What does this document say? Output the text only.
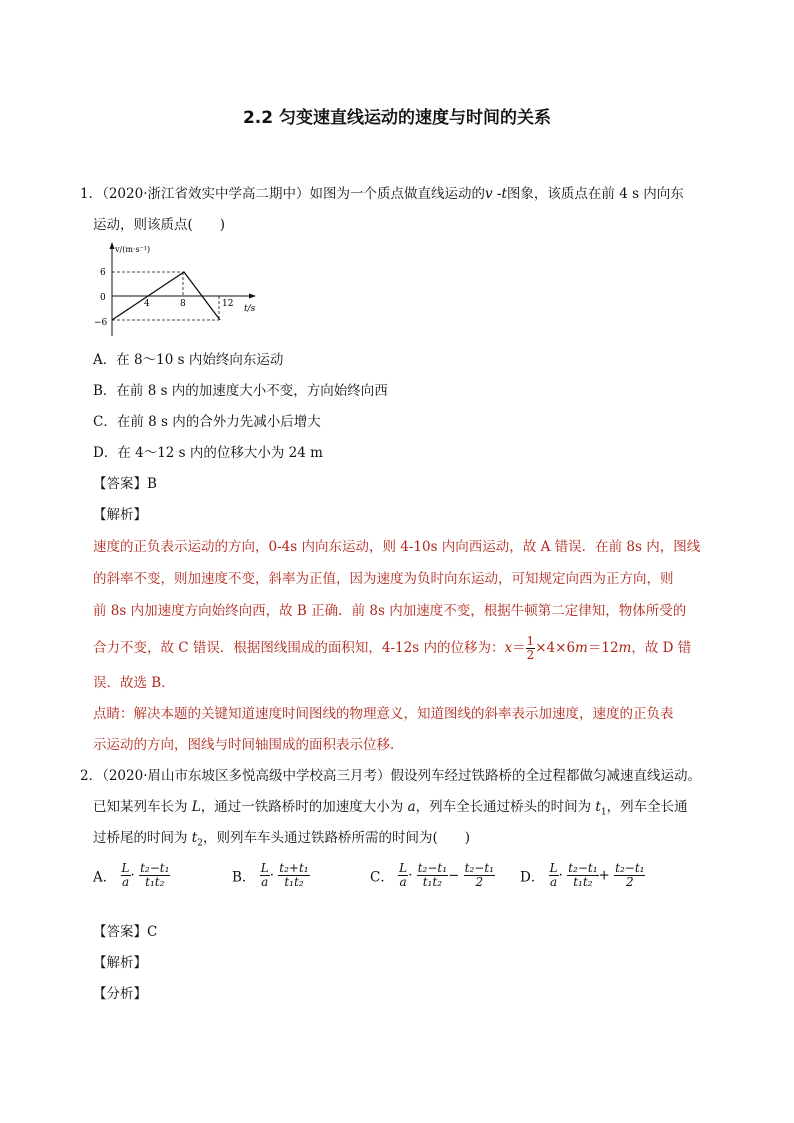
2.2 匀变速直线运动的速度与时间的关系
1．（2020·浙江省效实中学高二期中）如图为一个质点做直线运动的v -t图象，该质点在前 4 s 内向东
运动，则该质点(　　)
v/(m·s⁻¹)
t/s
6
0
−6
4	8	12
A．在 8～10 s 内始终向东运动
B．在前 8 s 内的加速度大小不变，方向始终向西
C．在前 8 s 内的合外力先减小后增大
D．在 4～12 s 内的位移大小为 24 m
【答案】B
【解析】
速度的正负表示运动的方向，0-4s 内向东运动，则 4-10s 内向西运动，故 A 错误．在前 8s 内，图线
的斜率不变，则加速度不变，斜率为正值，因为速度为负时向东运动，可知规定向西为正方向，则
前 8s 内加速度方向始终向西，故 B 正确．前 8s 内加速度不变，根据牛顿第二定律知，物体所受的
合力不变，故 C 错误．根据图线围成的面积知，4-12s 内的位移为：$x= \frac{1}{2} \times 4\times 6m=12m$，故 D 错
误．故选 B．
点睛：解决本题的关键知道速度时间图线的物理意义，知道图线的斜率表示加速度，速度的正负表
示运动的方向，图线与时间轴围成的面积表示位移．
2．（2020·眉山市东坡区多悦高级中学校高三月考）假设列车经过铁路桥的全过程都做匀减速直线运动。
已知某列车长为 L，通过一铁路桥时的加速度大小为 a，列车全长通过桥头的时间为 $t_1$，列车全长通
过桥尾的时间为 $t_2$，则列车车头通过铁路桥所需的时间为(　　)
A． $\frac{L}{a} \cdot \frac{\text{t₂−t₁}}{\text{t₁t₂}}$	B． $\frac{L}{a} \cdot \frac{\text{t₂+t₁}}{\text{t₁t₂}}$	C． $\frac{L}{a} \cdot \frac{\text{t₂−t₁}}{\text{t₁t₂}} - \frac{\text{t₂−t₁}}{2}$ D． $\frac{L}{a} \cdot \frac{\text{t₂−t₁}}{\text{t₁t₂}} + \frac{\text{t₂−t₁}}{2}$
【答案】C
【解析】
【分析】
